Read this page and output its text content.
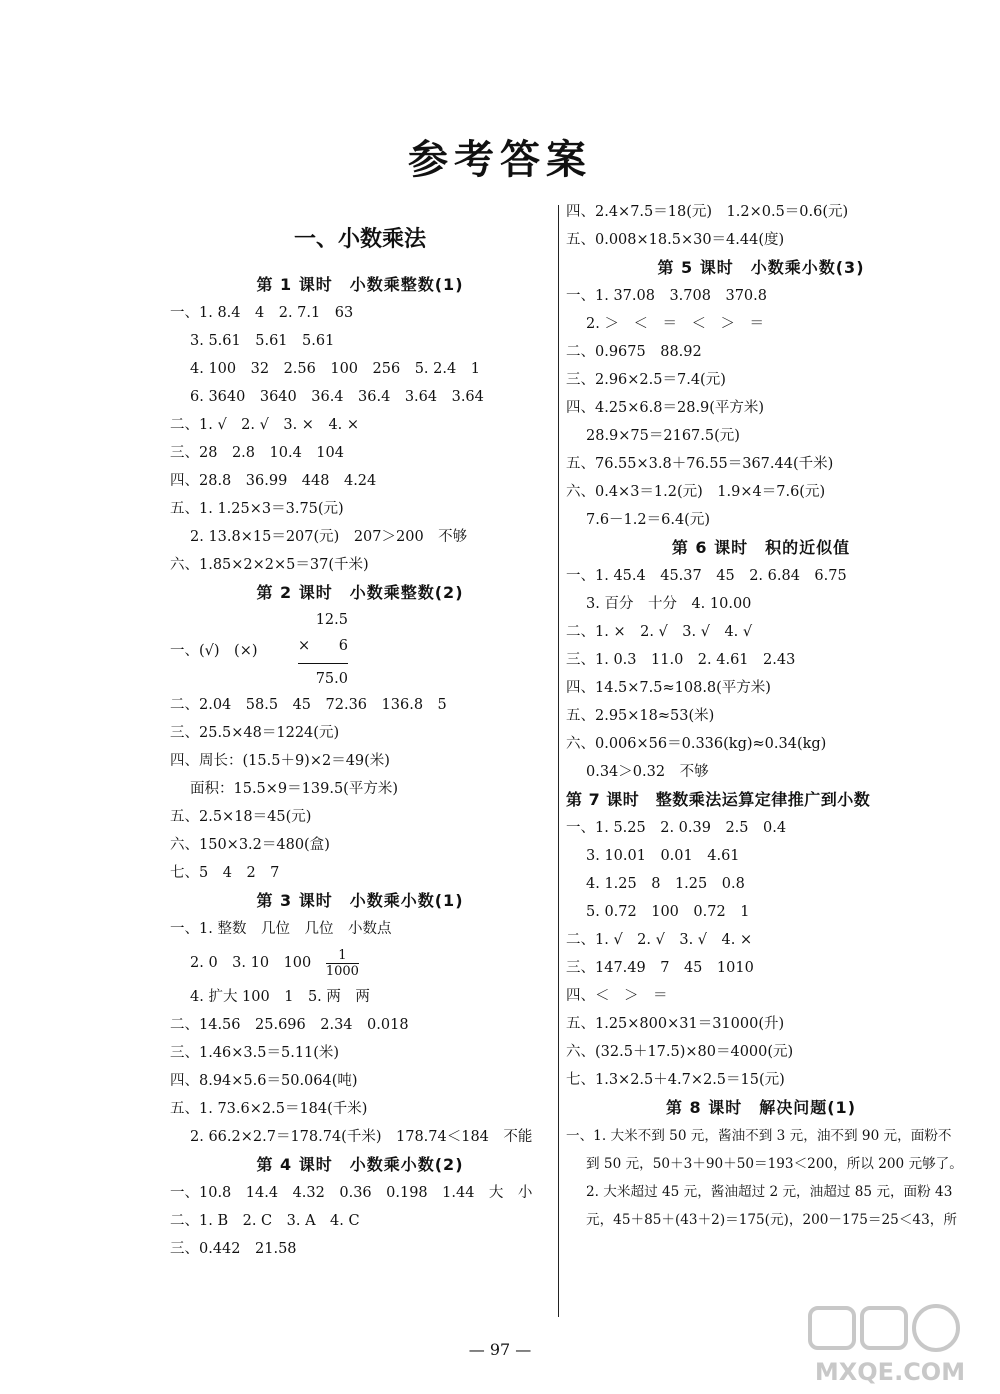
参考答案
一、小数乘法
第 1 课时　小数乘整数(1)
一、1. 8.4　4　2. 7.1　63
3. 5.61　5.61　5.61
4. 100　32　2.56　100　256　5. 2.4　1
6. 3640　3640　36.4　36.4　3.64　3.64
二、1. √　2. √　3. ×　4. ×
三、28　2.8　10.4　104
四、28.8　36.99　448　4.24
五、1. 1.25×3＝3.75(元)
2. 13.8×15＝207(元)　207＞200　不够
六、1.85×2×2×5＝37(千米)
第 2 课时　小数乘整数(2)
一、(√)　(×)
12.5
× 6
75.0
二、2.04　58.5　45　72.36　136.8　5
三、25.5×48＝1224(元)
四、周长：(15.5＋9)×2＝49(米)
面积：15.5×9＝139.5(平方米)
五、2.5×18＝45(元)
六、150×3.2＝480(盒)
七、5　4　2　7
第 3 课时　小数乘小数(1)
一、1. 整数　几位　几位　小数点
2. 0　3. 10　$100 \frac{1}{1000}$
4. 扩大 100　1　5. 两　两
二、14.56　25.696　2.34　0.018
三、1.46×3.5＝5.11(米)
四、8.94×5.6＝50.064(吨)
五、1. 73.6×2.5＝184(千米)
2. 66.2×2.7＝178.74(千米)　178.74＜184　不能
第 4 课时　小数乘小数(2)
一、10.8　14.4　4.32　0.36　0.198　1.44　大　小
二、1. B　2. C　3. A　4. C
三、0.442　21.58
四、2.4×7.5＝18(元)　1.2×0.5＝0.6(元)
五、0.008×18.5×30＝4.44(度)
第 5 课时　小数乘小数(3)
一、1. 37.08　3.708　370.8
2. ＞　＜　＝　＜　＞　＝
二、0.9675　88.92
三、2.96×2.5＝7.4(元)
四、4.25×6.8＝28.9(平方米)
28.9×75＝2167.5(元)
五、76.55×3.8＋76.55＝367.44(千米)
六、0.4×3＝1.2(元)　1.9×4＝7.6(元)
7.6－1.2＝6.4(元)
第 6 课时　积的近似值
一、1. 45.4　45.37　45　2. 6.84　6.75
3. 百分　十分　4. 10.00
二、1. ×　2. √　3. √　4. √
三、1. 0.3　11.0　2. 4.61　2.43
四、14.5×7.5≈108.8(平方米)
五、2.95×18≈53(米)
六、0.006×56＝0.336(kg)≈0.34(kg)
0.34＞0.32　不够
第 7 课时　整数乘法运算定律推广到小数
一、1. 5.25　2. 0.39　2.5　0.4
3. 10.01　0.01　4.61
4. 1.25　8　1.25　0.8
5. 0.72　100　0.72　1
二、1. √　2. √　3. √　4. ×
三、147.49　7　45　1010
四、＜　＞　＝
五、1.25×800×31＝31000(升)
六、(32.5＋17.5)×80＝4000(元)
七、1.3×2.5＋4.7×2.5＝15(元)
第 8 课时　解决问题(1)
一、1. 大米不到 50 元，酱油不到 3 元，油不到 90 元，面粉不
到 50 元，50＋3＋90＋50＝193＜200，所以 200 元够了。
2. 大米超过 45 元，酱油超过 2 元，油超过 85 元，面粉 43
元，45＋85＋(43＋2)＝175(元)，200－175＝25＜43，所
— 97 —
MXQE.COM
